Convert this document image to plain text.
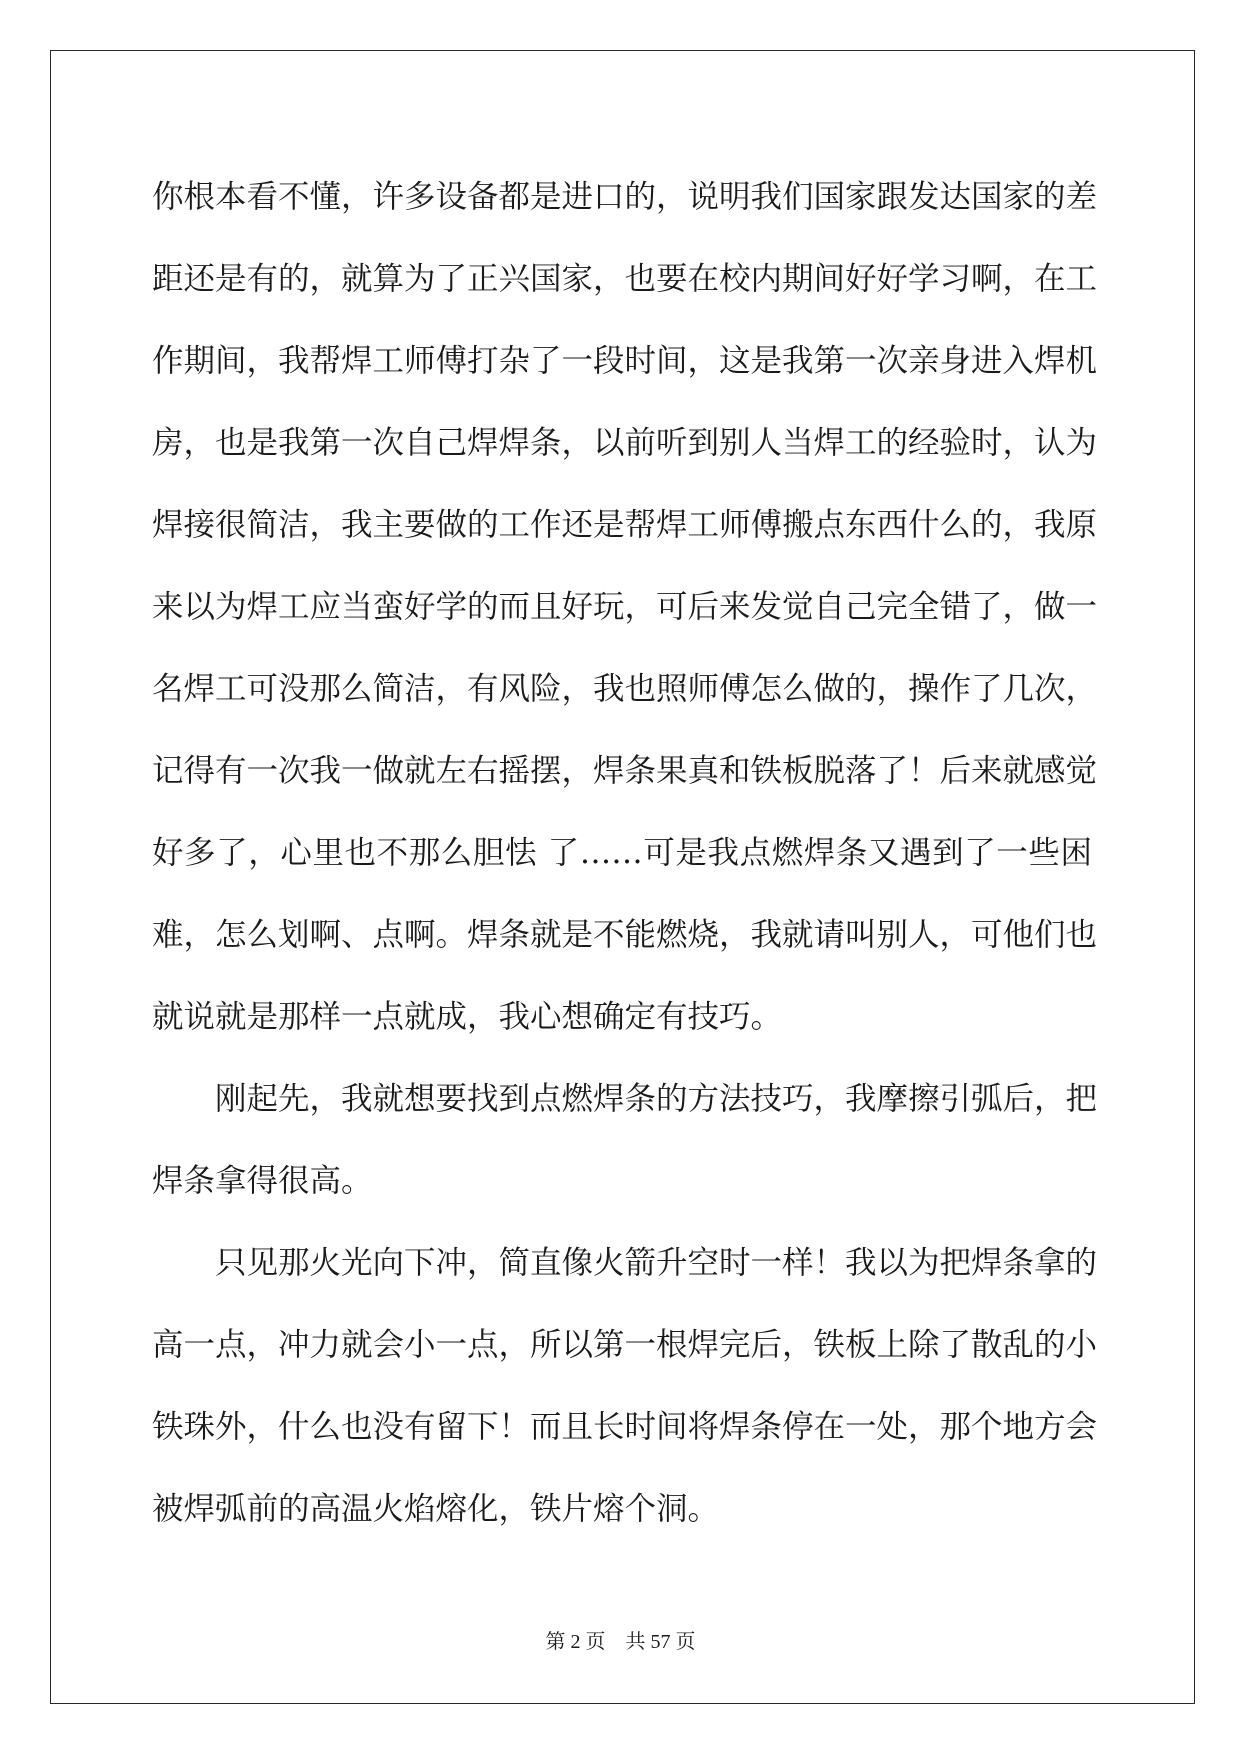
你根本看不懂，许多设备都是进口的，说明我们国家跟发达国家的差
距还是有的，就算为了正兴国家，也要在校内期间好好学习啊，在工
作期间，我帮焊工师傅打杂了一段时间，这是我第一次亲身进入焊机
房，也是我第一次自己焊焊条，以前听到别人当焊工的经验时，认为
焊接很简洁，我主要做的工作还是帮焊工师傅搬点东西什么的，我原
来以为焊工应当蛮好学的而且好玩，可后来发觉自己完全错了，做一
名焊工可没那么简洁，有风险，我也照师傅怎么做的，操作了几次，
记得有一次我一做就左右摇摆，焊条果真和铁板脱落了！后来就感觉
好多了，心里也不那么胆怯 了……可是我点燃焊条又遇到了一些困
难，怎么划啊、点啊。焊条就是不能燃烧，我就请叫别人，可他们也
就说就是那样一点就成，我心想确定有技巧。
刚起先，我就想要找到点燃焊条的方法技巧，我摩擦引弧后，把
焊条拿得很高。
只见那火光向下冲，简直像火箭升空时一样！我以为把焊条拿的
高一点，冲力就会小一点，所以第一根焊完后，铁板上除了散乱的小
铁珠外，什么也没有留下！而且长时间将焊条停在一处，那个地方会
被焊弧前的高温火焰熔化，铁片熔个洞。
第 2 页    共 57 页
